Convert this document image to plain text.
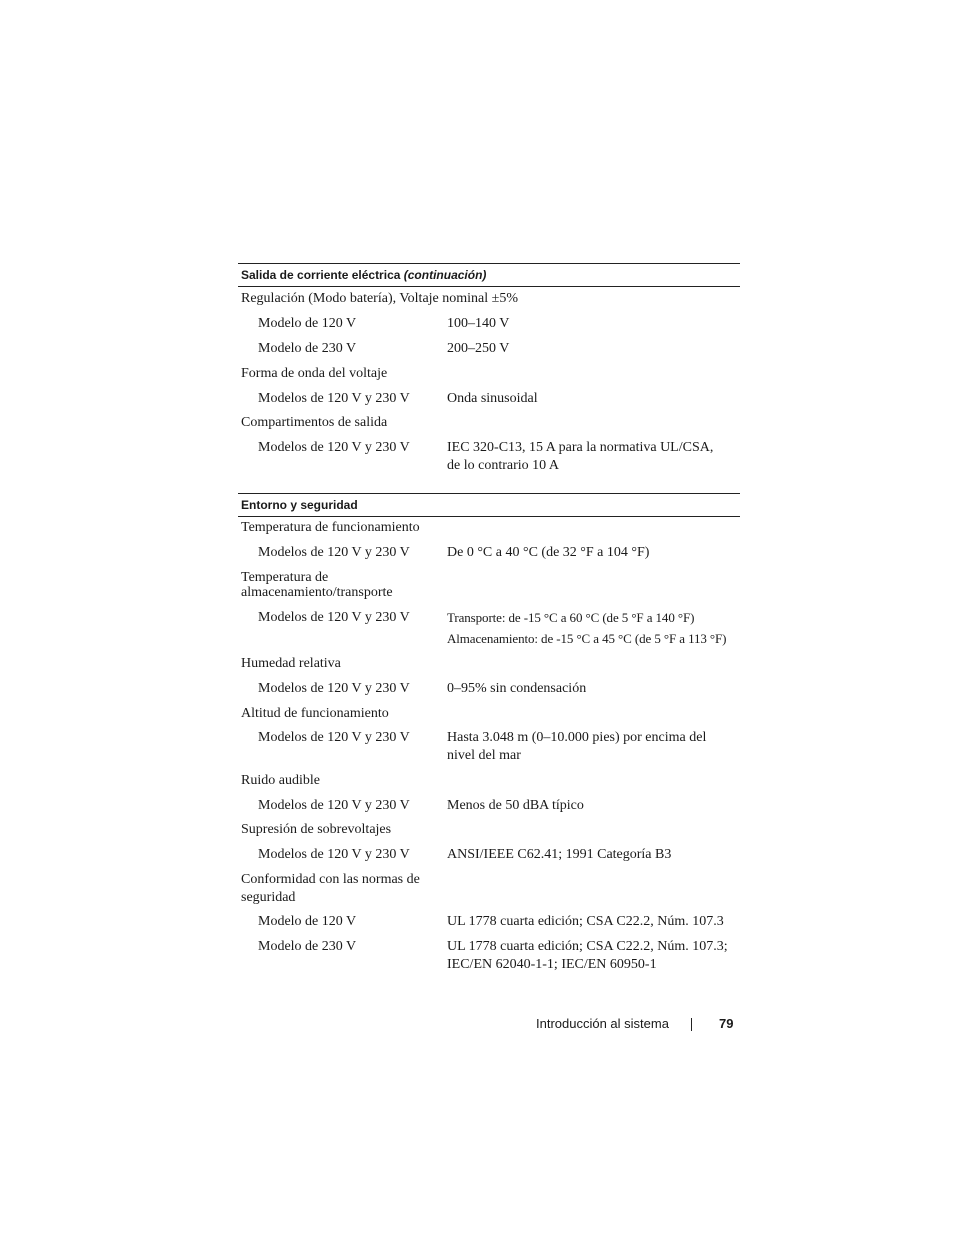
Salida de corriente eléctrica (continuación)
Regulación (Modo batería), Voltaje nominal ±5%
Modelo de 120 V	100–140 V
Modelo de 230 V	200–250 V
Forma de onda del voltaje
Modelos de 120 V y 230 V	Onda sinusoidal
Compartimentos de salida
Modelos de 120 V y 230 V	IEC 320-C13, 15 A para la normativa UL/CSA,
de lo contrario 10 A
Entorno y seguridad
Temperatura de funcionamiento
Modelos de 120 V y 230 V	De 0 °C a 40 °C (de 32 °F a 104 °F)
Temperatura de
almacenamiento/transporte
Modelos de 120 V y 230 V	Transporte: de -15 °C a 60 °C (de 5 °F a 140 °F)
Almacenamiento: de -15 °C a 45 °C (de 5 °F a 113 °F)
Humedad relativa
Modelos de 120 V y 230 V	0–95% sin condensación
Altitud de funcionamiento
Modelos de 120 V y 230 V	Hasta 3.048 m (0–10.000 pies) por encima del
nivel del mar
Ruido audible
Modelos de 120 V y 230 V	Menos de 50 dBA típico
Supresión de sobrevoltajes
Modelos de 120 V y 230 V	ANSI/IEEE C62.41; 1991 Categoría B3
Conformidad con las normas de
seguridad
Modelo de 120 V	UL 1778 cuarta edición; CSA C22.2, Núm. 107.3
Modelo de 230 V	UL 1778 cuarta edición; CSA C22.2, Núm. 107.3;
IEC/EN 62040-1-1; IEC/EN 60950-1
Introducción al sistema	79
